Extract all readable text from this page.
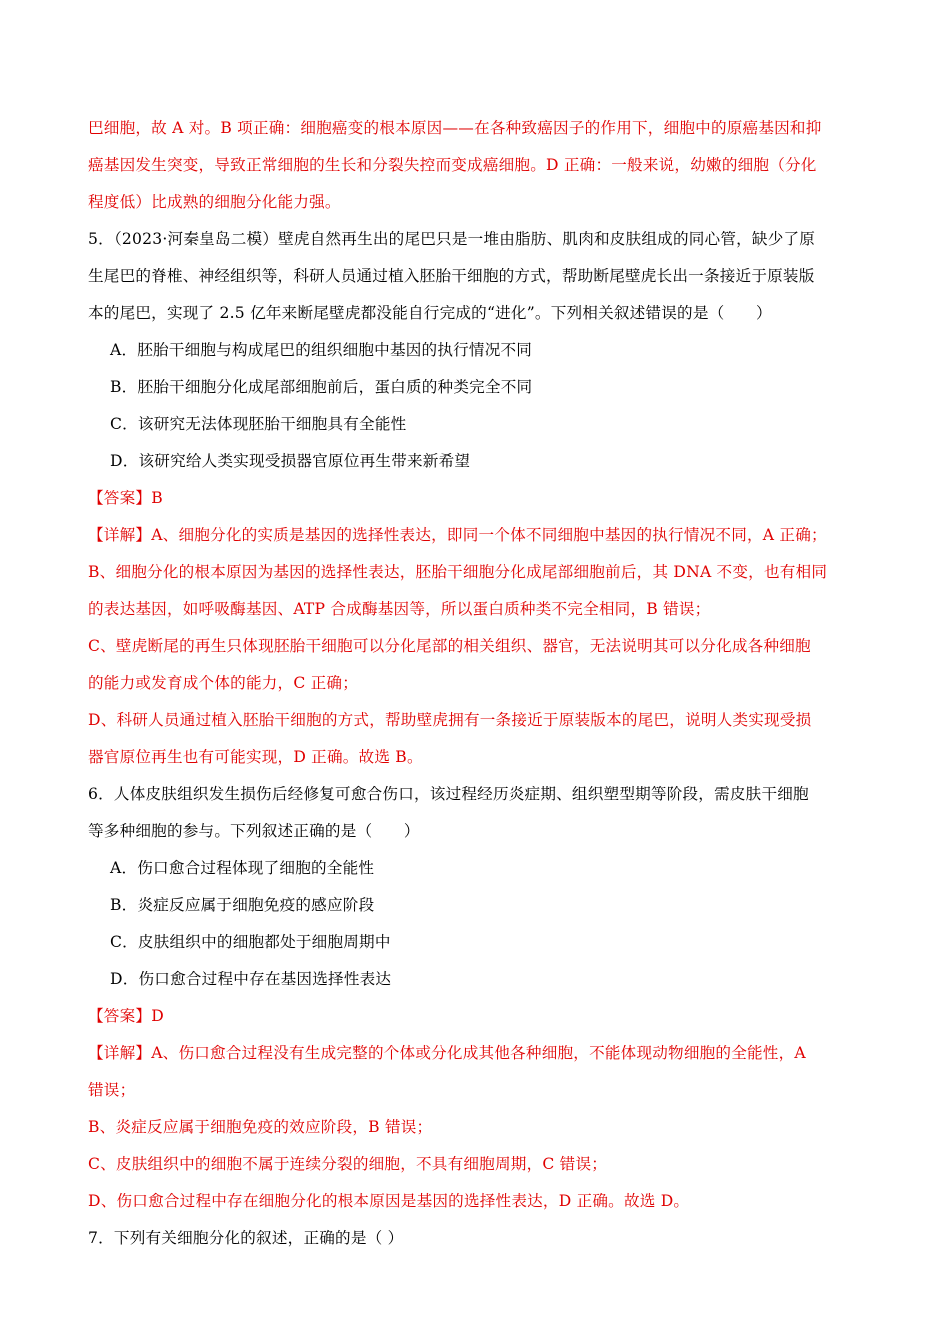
巴细胞，故 A 对。B 项正确：细胞癌变的根本原因——在各种致癌因子的作用下，细胞中的原癌基因和抑
癌基因发生突变，导致正常细胞的生长和分裂失控而变成癌细胞。D 正确：一般来说，幼嫩的细胞（分化
程度低）比成熟的细胞分化能力强。
5．（2023·河秦皇岛二模）壁虎自然再生出的尾巴只是一堆由脂肪、肌肉和皮肤组成的同心管，缺少了原
生尾巴的脊椎、神经组织等，科研人员通过植入胚胎干细胞的方式，帮助断尾壁虎长出一条接近于原装版
本的尾巴，实现了 2.5 亿年来断尾壁虎都没能自行完成的“进化”。下列相关叙述错误的是（　　）
A．胚胎干细胞与构成尾巴的组织细胞中基因的执行情况不同
B．胚胎干细胞分化成尾部细胞前后，蛋白质的种类完全不同
C．该研究无法体现胚胎干细胞具有全能性
D．该研究给人类实现受损器官原位再生带来新希望
【答案】B
【详解】A、细胞分化的实质是基因的选择性表达，即同一个体不同细胞中基因的执行情况不同，A 正确；
B、细胞分化的根本原因为基因的选择性表达，胚胎干细胞分化成尾部细胞前后，其 DNA 不变，也有相同
的表达基因，如呼吸酶基因、ATP 合成酶基因等，所以蛋白质种类不完全相同，B 错误；
C、壁虎断尾的再生只体现胚胎干细胞可以分化尾部的相关组织、器官，无法说明其可以分化成各种细胞
的能力或发育成个体的能力，C 正确；
D、科研人员通过植入胚胎干细胞的方式，帮助壁虎拥有一条接近于原装版本的尾巴，说明人类实现受损
器官原位再生也有可能实现，D 正确。故选 B。
6．人体皮肤组织发生损伤后经修复可愈合伤口，该过程经历炎症期、组织塑型期等阶段，需皮肤干细胞
等多种细胞的参与。下列叙述正确的是（　　）
A．伤口愈合过程体现了细胞的全能性
B．炎症反应属于细胞免疫的感应阶段
C．皮肤组织中的细胞都处于细胞周期中
D．伤口愈合过程中存在基因选择性表达
【答案】D
【详解】A、伤口愈合过程没有生成完整的个体或分化成其他各种细胞，不能体现动物细胞的全能性，A
错误；
B、炎症反应属于细胞免疫的效应阶段，B 错误；
C、皮肤组织中的细胞不属于连续分裂的细胞，不具有细胞周期，C 错误；
D、伤口愈合过程中存在细胞分化的根本原因是基因的选择性表达，D 正确。故选 D。
7．下列有关细胞分化的叙述，正确的是（ ）
